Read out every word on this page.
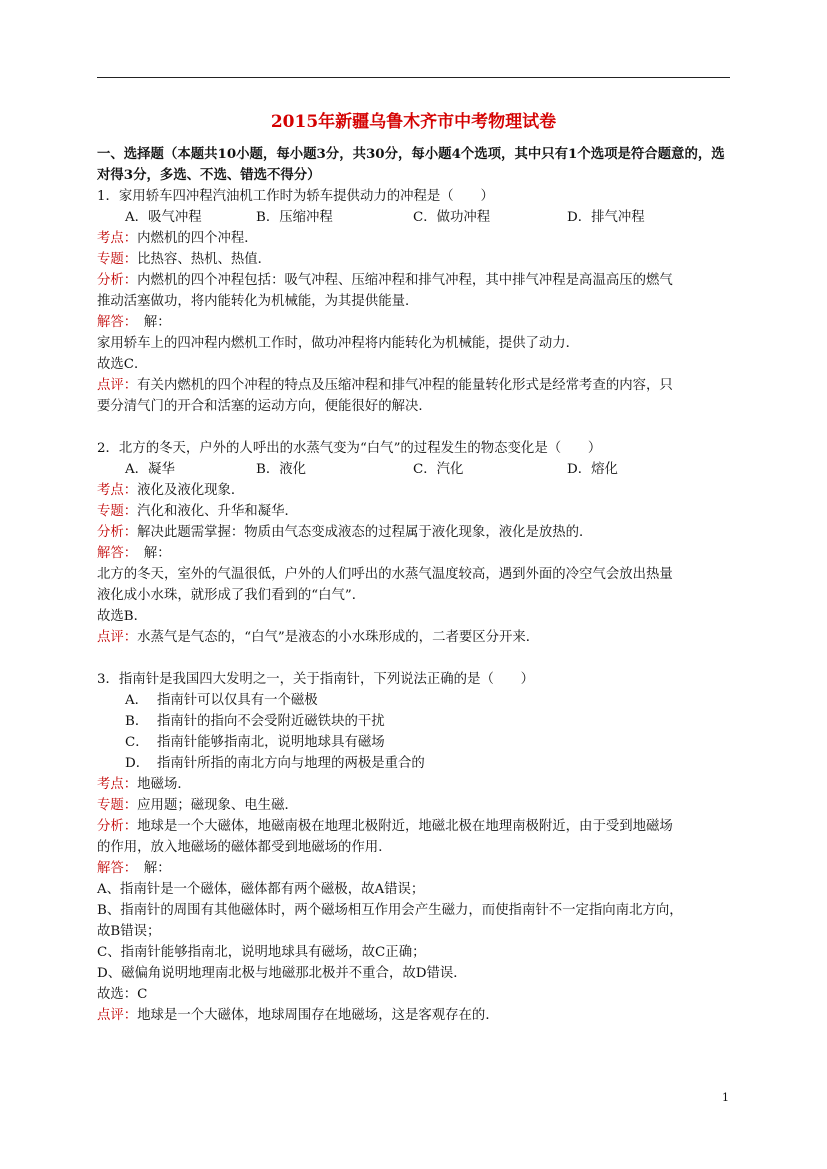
2015年新疆乌鲁木齐市中考物理试卷

一、选择题（本题共10小题，每小题3分，共30分，每小题4个选项，其中只有1个选项是符合题意的，选对得3分，多选、不选、错选不得分）

1．家用轿车四冲程汽油机工作时为轿车提供动力的冲程是（　　）

A．吸气冲程	B．压缩冲程	C．做功冲程	D．排气冲程

考点：内燃机的四个冲程．

专题：比热容、热机、热值．

分析：内燃机的四个冲程包括：吸气冲程、压缩冲程和排气冲程，其中排气冲程是高温高压的燃气

推动活塞做功，将内能转化为机械能，为其提供能量．

解答：　解：

家用轿车上的四冲程内燃机工作时，做功冲程将内能转化为机械能，提供了动力．

故选C．

点评：有关内燃机的四个冲程的特点及压缩冲程和排气冲程的能量转化形式是经常考查的内容，只

要分清气门的开合和活塞的运动方向，便能很好的解决．

2．北方的冬天，户外的人呼出的水蒸气变为“白气”的过程发生的物态变化是（　　）

A．凝华	B．液化	C．汽化	D．熔化

考点：液化及液化现象．

专题：汽化和液化、升华和凝华．

分析：解决此题需掌握：物质由气态变成液态的过程属于液化现象，液化是放热的．

解答：　解：

北方的冬天，室外的气温很低，户外的人们呼出的水蒸气温度较高，遇到外面的冷空气会放出热量

液化成小水珠，就形成了我们看到的“白气”．

故选B．

点评：水蒸气是气态的，“白气”是液态的小水珠形成的，二者要区分开来．

3．指南针是我国四大发明之一，关于指南针，下列说法正确的是（　　）

A． 指南针可以仅具有一个磁极
B． 指南针的指向不会受附近磁铁块的干扰
C． 指南针能够指南北，说明地球具有磁场
D． 指南针所指的南北方向与地理的两极是重合的

考点：地磁场．

专题：应用题；磁现象、电生磁．

分析：地球是一个大磁体，地磁南极在地理北极附近，地磁北极在地理南极附近，由于受到地磁场

的作用，放入地磁场的磁体都受到地磁场的作用．

解答：　解：

A、指南针是一个磁体，磁体都有两个磁极，故A错误；

B、指南针的周围有其他磁体时，两个磁场相互作用会产生磁力，而使指南针不一定指向南北方向，

故B错误；

C、指南针能够指南北，说明地球具有磁场，故C正确；

D、磁偏角说明地理南北极与地磁那北极并不重合，故D错误．

故选：C

点评：地球是一个大磁体，地球周围存在地磁场，这是客观存在的．

1
